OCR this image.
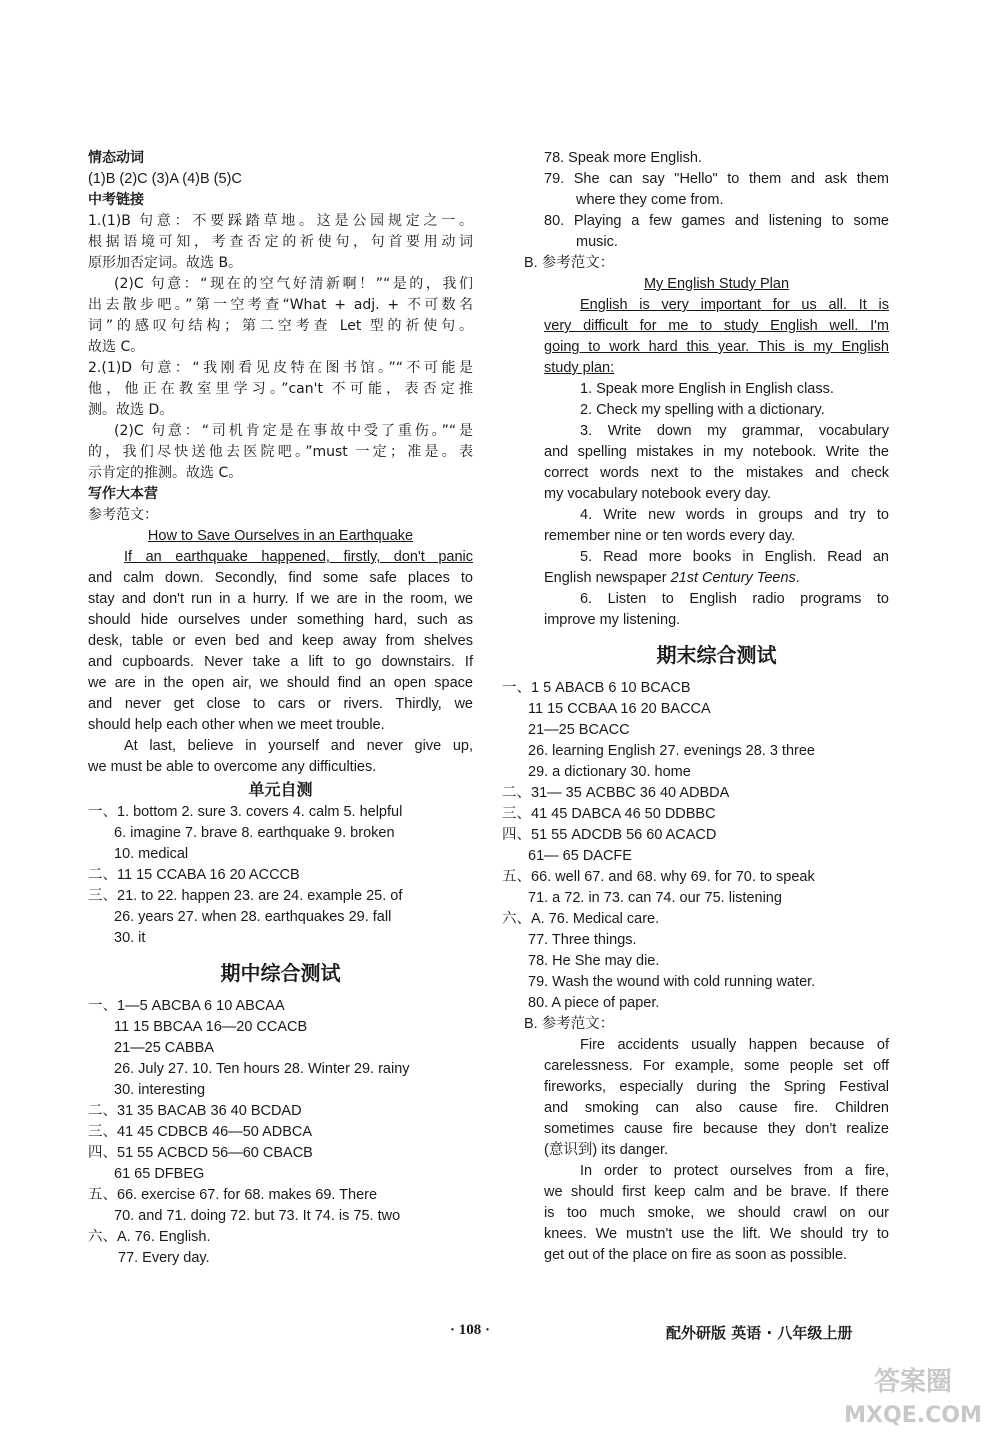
情态动词
(1)B (2)C (3)A (4)B (5)C
中考链接
1.(1)B 句意：不要踩踏草地。这是公园规定之一。
根据语境可知，考查否定的祈使句，句首要用动词
原形加否定词。故选 B。
(2)C 句意：“现在的空气好清新啊！”“是的，我们
出去散步吧。”第一空考查“What + adj. + 不可数名
词”的感叹句结构；第二空考查 Let 型的祈使句。
故选 C。
2.(1)D 句意：“我刚看见皮特在图书馆。”“不可能是
他，他正在教室里学习。”can't 不可能，表否定推
测。故选 D。
(2)C 句意：“司机肯定是在事故中受了重伤。”“是
的，我们尽快送他去医院吧。”must 一定；准是。表
示肯定的推测。故选 C。
写作大本营
参考范文：
How to Save Ourselves in an Earthquake
If an earthquake happened, firstly, don't panic
and calm down. Secondly, find some safe places to
stay and don't run in a hurry. If we are in the room, we
should hide ourselves under something hard, such as
desk, table or even bed and keep away from shelves
and cupboards. Never take a lift to go downstairs. If
we are in the open air, we should find an open space
and never get close to cars or rivers. Thirdly, we
should help each other when we meet trouble.
At last, believe in yourself and never give up,
we must be able to overcome any difficulties.
单元自测
一、1. bottom 2. sure 3. covers 4. calm 5. helpful
6. imagine 7. brave 8. earthquake 9. broken
10. medical
二、11 15 CCABA 16 20 ACCCB
三、21. to 22. happen 23. are 24. example 25. of
26. years 27. when 28. earthquakes 29. fall
30. it
期中综合测试
一、1—5 ABCBA 6 10 ABCAA
11 15 BBCAA 16—20 CCACB
21—25 CABBA
26. July 27. 10. Ten hours 28. Winter 29. rainy
30. interesting
二、31 35 BACAB 36 40 BCDAD
三、41 45 CDBCB 46—50 ADBCA
四、51 55 ACBCD 56—60 CBACB
61 65 DFBEG
五、66. exercise 67. for 68. makes 69. There
70. and 71. doing 72. but 73. It 74. is 75. two
六、A. 76. English.
77. Every day.
78. Speak more English.
79. She can say "Hello" to them and ask them
where they come from.
80. Playing a few games and listening to some
music.
B. 参考范文：
My English Study Plan
English is very important for us all. It is
very difficult for me to study English well. I'm
going to work hard this year. This is my English
study plan:
1. Speak more English in English class.
2. Check my spelling with a dictionary.
3. Write down my grammar, vocabulary
and spelling mistakes in my notebook. Write the
correct words next to the mistakes and check
my vocabulary notebook every day.
4. Write new words in groups and try to
remember nine or ten words every day.
5. Read more books in English. Read an
English newspaper 21st Century Teens.
6. Listen to English radio programs to
improve my listening.
期末综合测试
一、1 5 ABACB 6 10 BCACB
11 15 CCBAA 16 20 BACCA
21—25 BCACC
26. learning English 27. evenings 28. 3 three
29. a dictionary 30. home
二、31— 35 ACBBC 36 40 ADBDA
三、41 45 DABCA 46 50 DDBBC
四、51 55 ADCDB 56 60 ACACD
61— 65 DACFE
五、66. well 67. and 68. why 69. for 70. to speak
71. a 72. in 73. can 74. our 75. listening
六、A. 76. Medical care.
77. Three things.
78. He She may die.
79. Wash the wound with cold running water.
80. A piece of paper.
B. 参考范文：
Fire accidents usually happen because of
carelessness. For example, some people set off
fireworks, especially during the Spring Festival
and smoking can also cause fire. Children
sometimes cause fire because they don't realize
(意识到) its danger.
In order to protect ourselves from a fire,
we should first keep calm and be brave. If there
is too much smoke, we should crawl on our
knees. We mustn't use the lift. We should try to
get out of the place on fire as soon as possible.
· 108 ·	配外研版 英语 · 八年级上册
答案圈
MXQE.COM
